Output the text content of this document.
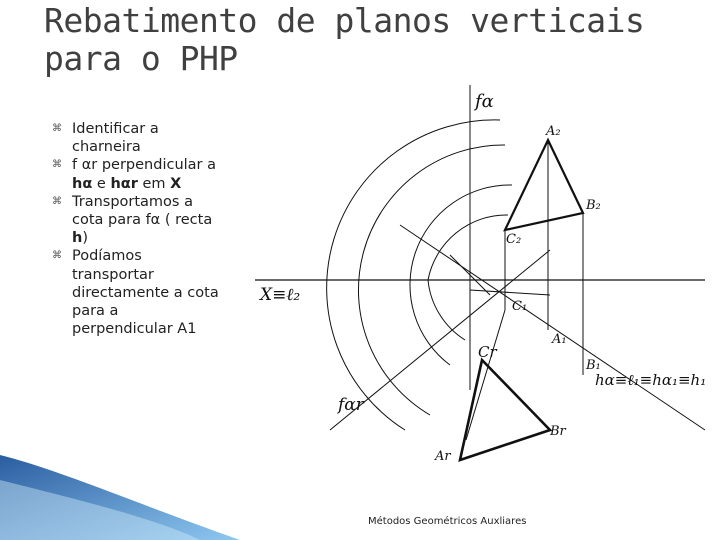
Rebatimento de planos verticais
para o PHP
⌘ Identificar a charneira
⌘ f αr perpendicular a hα e hαr em X
⌘ Transportamos a cota para fα ( recta h)
⌘ Podíamos transportar directamente a cota para a perpendicular A1
fα
A₂
B₂
C₂
X≡ℓ₂
C₁
A₁
B₁
hα≡ℓ₁≡hα₁≡h₁
Cr
fαr
Br
Ar
Métodos Geométricos Auxliares
